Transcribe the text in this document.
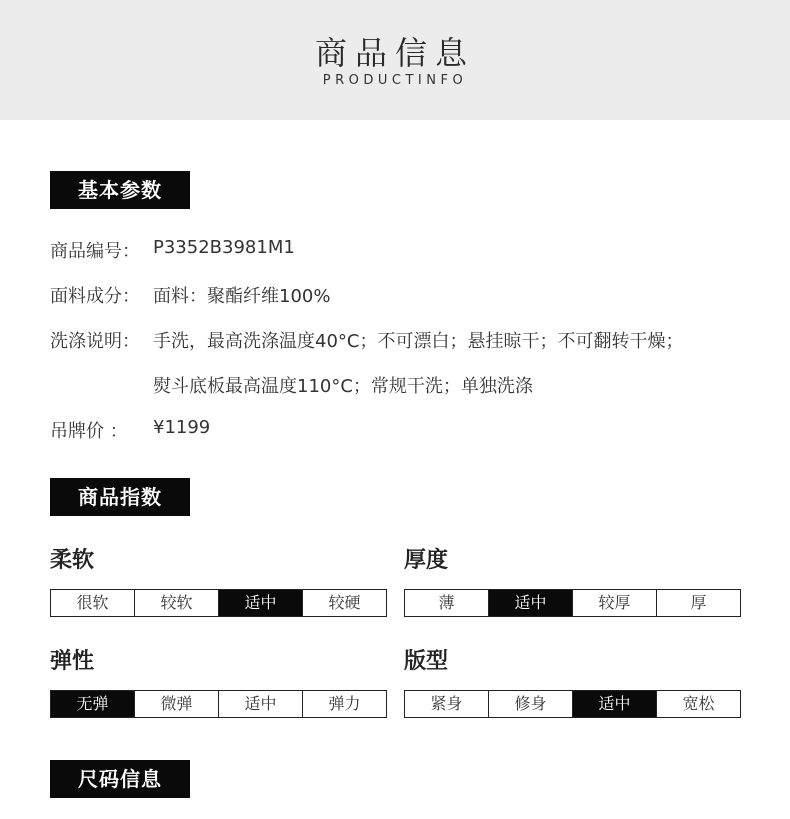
商品信息
PRODUCTINFO
基本参数
商品编号： P3352B3981M1
面料成分： 面料：聚酯纤维100%
洗涤说明： 手洗，最高洗涤温度40°C；不可漂白；悬挂晾干；不可翻转干燥；
熨斗底板最高温度110°C；常规干洗；单独洗涤
吊牌价 ： ¥1199
商品指数
柔软
很软	较软	适中	较硬
厚度
薄	适中	较厚	厚
弹性
无弹	微弹	适中	弹力
版型
紧身	修身	适中	宽松
尺码信息
